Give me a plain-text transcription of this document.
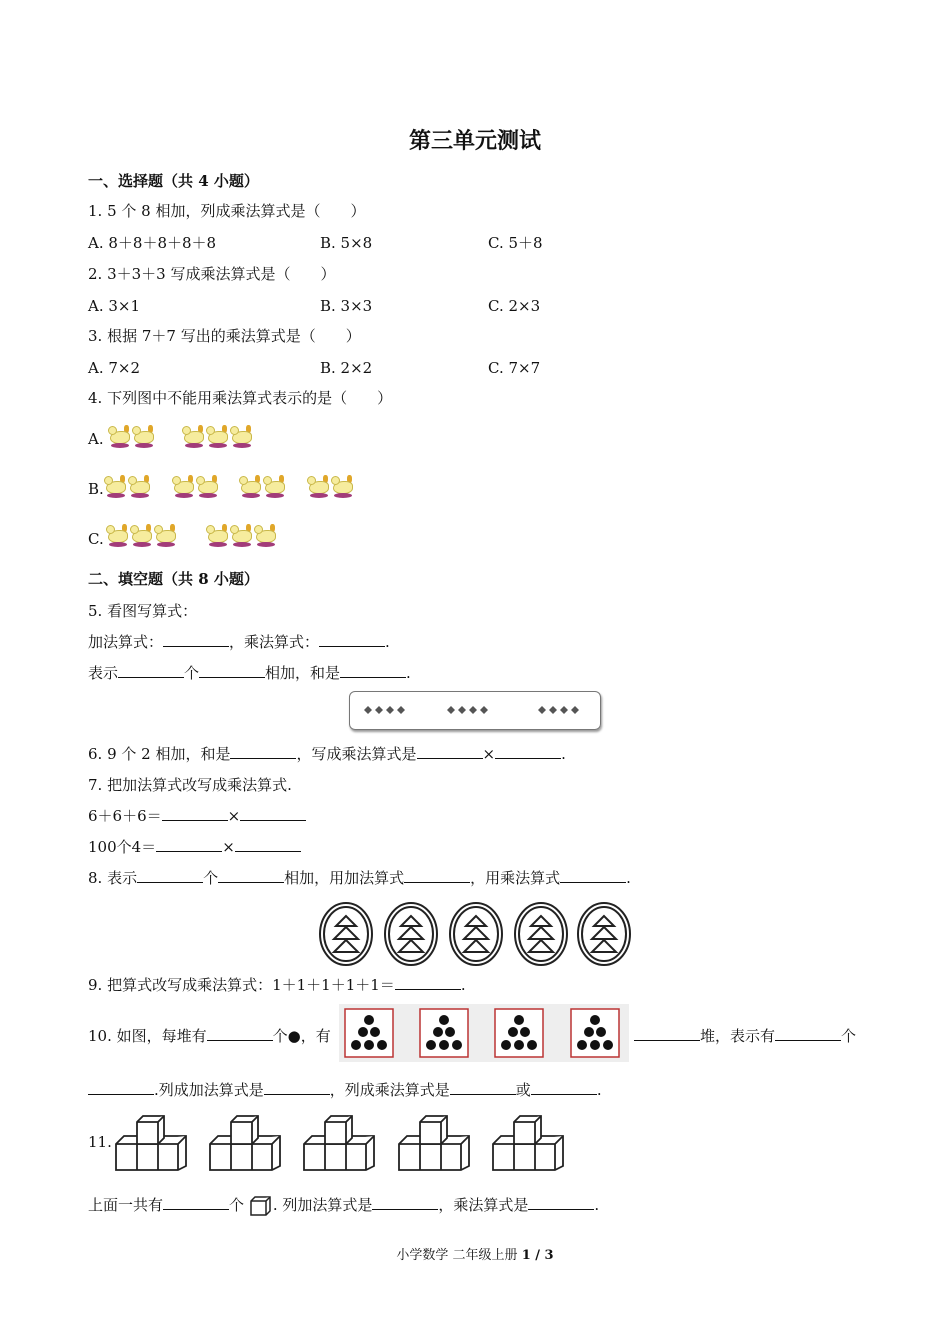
第三单元测试
一、选择题（共 4 小题）
1. 5 个 8 相加，列成乘法算式是（　　）
A. 8＋8＋8＋8＋8	B. 5×8	C. 5＋8
2. 3＋3＋3 写成乘法算式是（　　）
A. 3×1	B. 3×3	C. 2×3
3. 根据 7＋7 写出的乘法算式是（　　）
A. 7×2	B. 2×2	C. 7×7
4. 下列图中不能用乘法算式表示的是（　　）
A.

B.

C.

二、填空题（共 8 小题）
5. 看图写算式：
加法算式：	，乘法算式：	.
表示	个	相加，和是	.
6. 9 个 2 相加，和是	，写成乘法算式是	×	.
7. 把加法算式改写成乘法算式.
6＋6＋6＝	×
100个4＝	×
8. 表示	个	相加，用加法算式	，用乘法算式	.
9. 把算式改写成乘法算式：1＋1＋1＋1＋1＝	.
10. 如图，每堆有	个●，有	堆，表示有	个
.列成加法算式是	，列成乘法算式是	或	.
11.
上面一共有	个 . 列加法算式是	，乘法算式是	.
小学数学 二年级上册 1 / 3
